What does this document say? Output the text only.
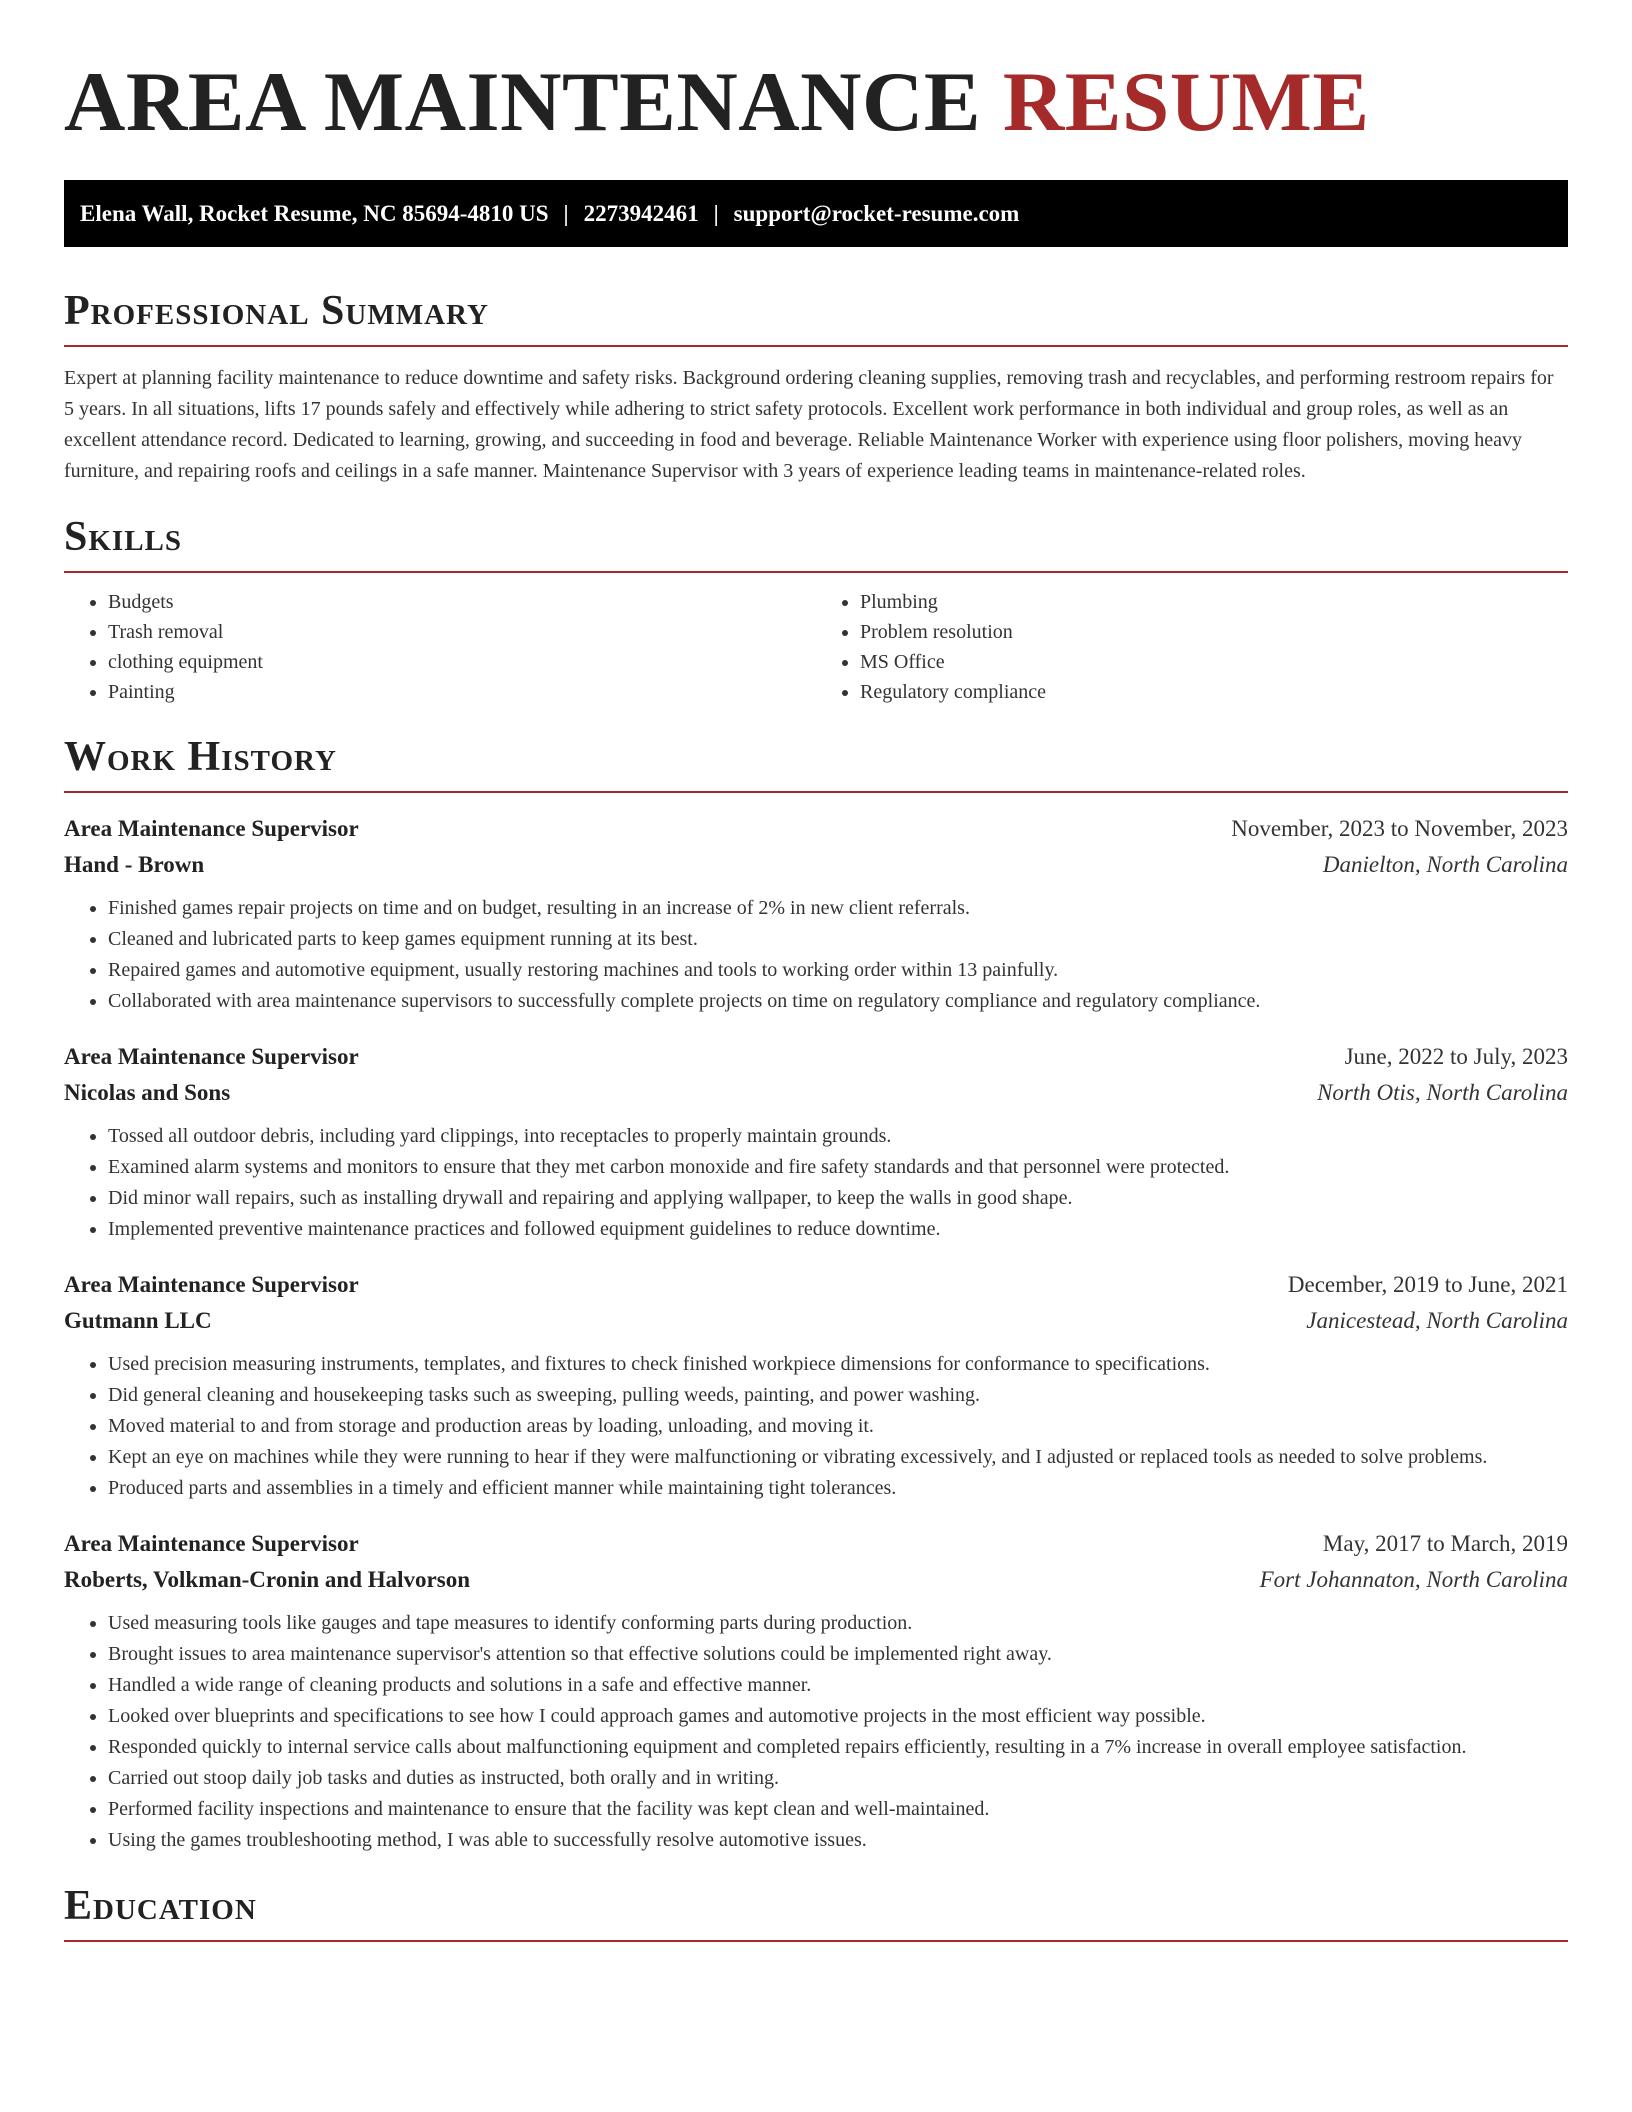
AREA MAINTENANCE RESUME
Elena Wall, Rocket Resume, NC 85694-4810 US | 2273942461 | support@rocket-resume.com
Professional Summary

Expert at planning facility maintenance to reduce downtime and safety risks. Background ordering cleaning supplies, removing trash and recyclables, and performing restroom repairs for 5 years. In all situations, lifts 17 pounds safely and effectively while adhering to strict safety protocols. Excellent work performance in both individual and group roles, as well as an excellent attendance record. Dedicated to learning, growing, and succeeding in food and beverage. Reliable Maintenance Worker with experience using floor polishers, moving heavy furniture, and repairing roofs and ceilings in a safe manner. Maintenance Supervisor with 3 years of experience leading teams in maintenance-related roles.

Skills
• Budgets
• Trash removal
• clothing equipment
• Painting
• Plumbing
• Problem resolution
• MS Office
• Regulatory compliance
Work History
Area Maintenance Supervisor	November, 2023 to November, 2023
Hand - Brown	Danielton, North Carolina
• Finished games repair projects on time and on budget, resulting in an increase of 2% in new client referrals.
• Cleaned and lubricated parts to keep games equipment running at its best.
• Repaired games and automotive equipment, usually restoring machines and tools to working order within 13 painfully.
• Collaborated with area maintenance supervisors to successfully complete projects on time on regulatory compliance and regulatory compliance.
Area Maintenance Supervisor	June, 2022 to July, 2023
Nicolas and Sons	North Otis, North Carolina
• Tossed all outdoor debris, including yard clippings, into receptacles to properly maintain grounds.
• Examined alarm systems and monitors to ensure that they met carbon monoxide and fire safety standards and that personnel were protected.
• Did minor wall repairs, such as installing drywall and repairing and applying wallpaper, to keep the walls in good shape.
• Implemented preventive maintenance practices and followed equipment guidelines to reduce downtime.
Area Maintenance Supervisor	December, 2019 to June, 2021
Gutmann LLC	Janicestead, North Carolina
• Used precision measuring instruments, templates, and fixtures to check finished workpiece dimensions for conformance to specifications.
• Did general cleaning and housekeeping tasks such as sweeping, pulling weeds, painting, and power washing.
• Moved material to and from storage and production areas by loading, unloading, and moving it.
• Kept an eye on machines while they were running to hear if they were malfunctioning or vibrating excessively, and I adjusted or replaced tools as needed to solve problems.
• Produced parts and assemblies in a timely and efficient manner while maintaining tight tolerances.
Area Maintenance Supervisor	May, 2017 to March, 2019
Roberts, Volkman-Cronin and Halvorson	Fort Johannaton, North Carolina
• Used measuring tools like gauges and tape measures to identify conforming parts during production.
• Brought issues to area maintenance supervisor's attention so that effective solutions could be implemented right away.
• Handled a wide range of cleaning products and solutions in a safe and effective manner.
• Looked over blueprints and specifications to see how I could approach games and automotive projects in the most efficient way possible.
• Responded quickly to internal service calls about malfunctioning equipment and completed repairs efficiently, resulting in a 7% increase in overall employee satisfaction.
• Carried out stoop daily job tasks and duties as instructed, both orally and in writing.
• Performed facility inspections and maintenance to ensure that the facility was kept clean and well-maintained.
• Using the games troubleshooting method, I was able to successfully resolve automotive issues.
Education
